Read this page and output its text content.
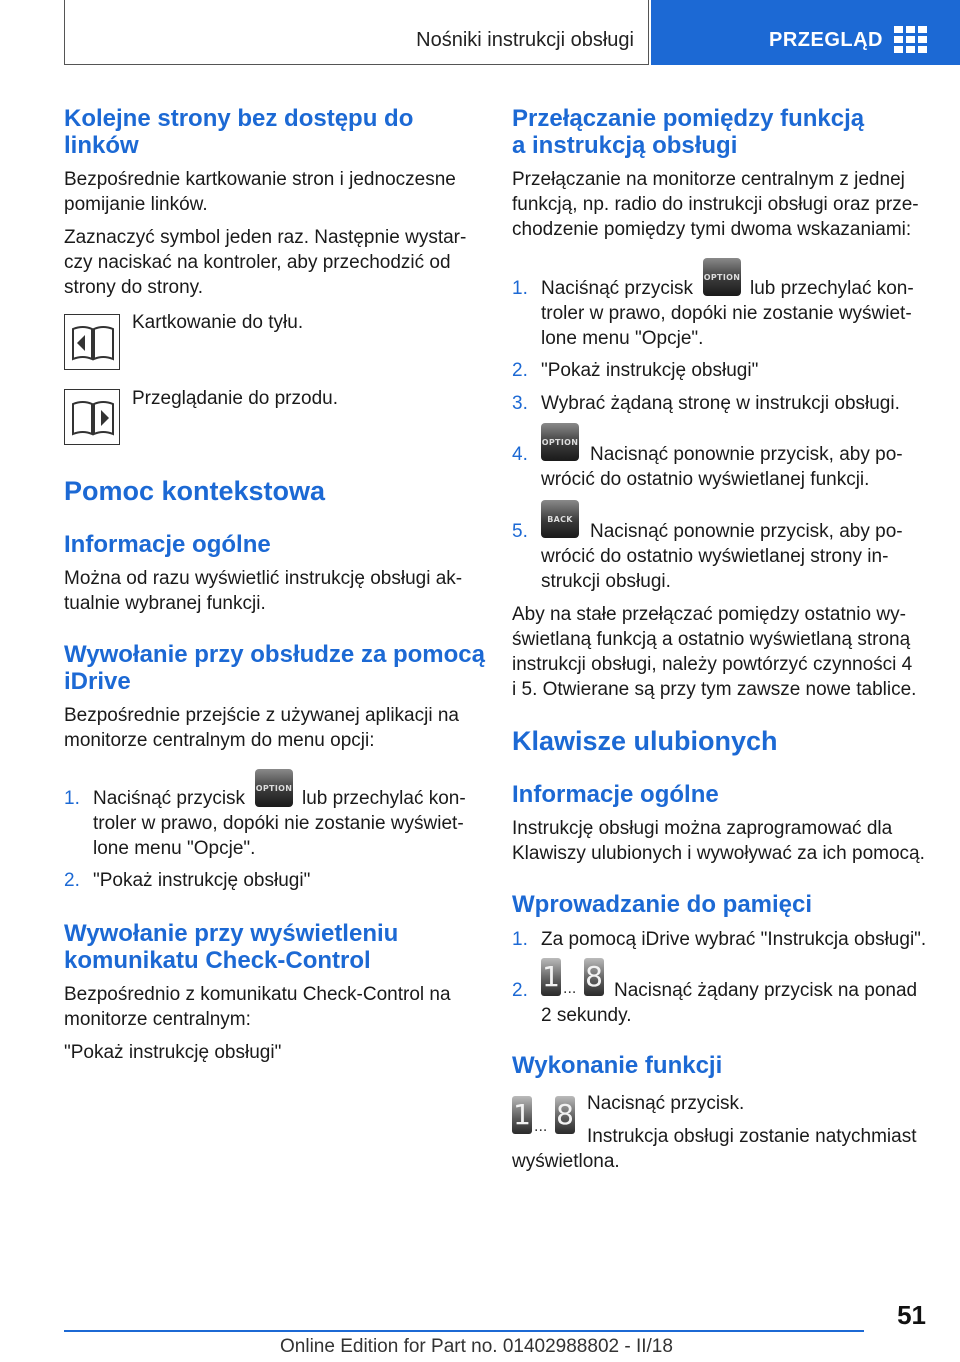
Nośniki instrukcji obsługi	PRZEGLĄD
Kolejne strony bez dostępu do
linków
Bezpośrednie kartkowanie stron i jednoczesne
pomijanie linków.
Zaznaczyć symbol jeden raz. Następnie wystar-
czy naciskać na kontroler, aby przechodzić od
strony do strony.
Kartkowanie do tyłu.
Przeglądanie do przodu.
Pomoc kontekstowa
Informacje ogólne
Można od razu wyświetlić instrukcję obsługi ak-
tualnie wybranej funkcji.
Wywołanie przy obsłudze za pomocą
iDrive
Bezpośrednie przejście z używanej aplikacji na
monitorze centralnym do menu opcji:
1. Naciśnąć przycisk OPTION lub przechylać kon-
troler w prawo, dopóki nie zostanie wyświet-
lone menu "Opcje".
2. "Pokaż instrukcję obsługi"
Wywołanie przy wyświetleniu
komunikatu Check-Control
Bezpośrednio z komunikatu Check-Control na
monitorze centralnym:
"Pokaż instrukcję obsługi"
Przełączanie pomiędzy funkcją
a instrukcją obsługi
Przełączanie na monitorze centralnym z jednej
funkcją, np. radio do instrukcji obsługi oraz prze-
chodzenie pomiędzy tymi dwoma wskazaniami:
1. Naciśnąć przycisk
OPTION
lub przechylać kon-
troler w prawo, dopóki nie zostanie wyświet-
lone menu "Opcje".
2. "Pokaż instrukcję obsługi"
3. Wybrać żądaną stronę w instrukcji obsługi.
4.
OPTION
Nacisnąć ponownie przycisk, aby po-
wrócić do ostatnio wyświetlanej funkcji.
5.
BACK
Nacisnąć ponownie przycisk, aby po-
wrócić do ostatnio wyświetlanej strony in-
strukcji obsługi.
Aby na stałe przełączać pomiędzy ostatnio wy-
świetlaną funkcją a ostatnio wyświetlaną stroną
instrukcji obsługi, należy powtórzyć czynności 4
i 5. Otwierane są przy tym zawsze nowe tablice.
Klawisze ulubionych
Informacje ogólne
Instrukcję obsługi można zaprogramować dla
Klawiszy ulubionych i wywoływać za ich pomocą.
Wprowadzanie do pamięci
1. Za pomocą iDrive wybrać "Instrukcja obsługi".
2. 1 ... 8 Nacisnąć żądany przycisk na ponad
2 sekundy.
Wykonanie funkcji
1 ... 8 Nacisnąć przycisk.
Instrukcja obsługi zostanie natychmiast
wyświetlona.
51
Online Edition for Part no. 01402988802 - II/18
